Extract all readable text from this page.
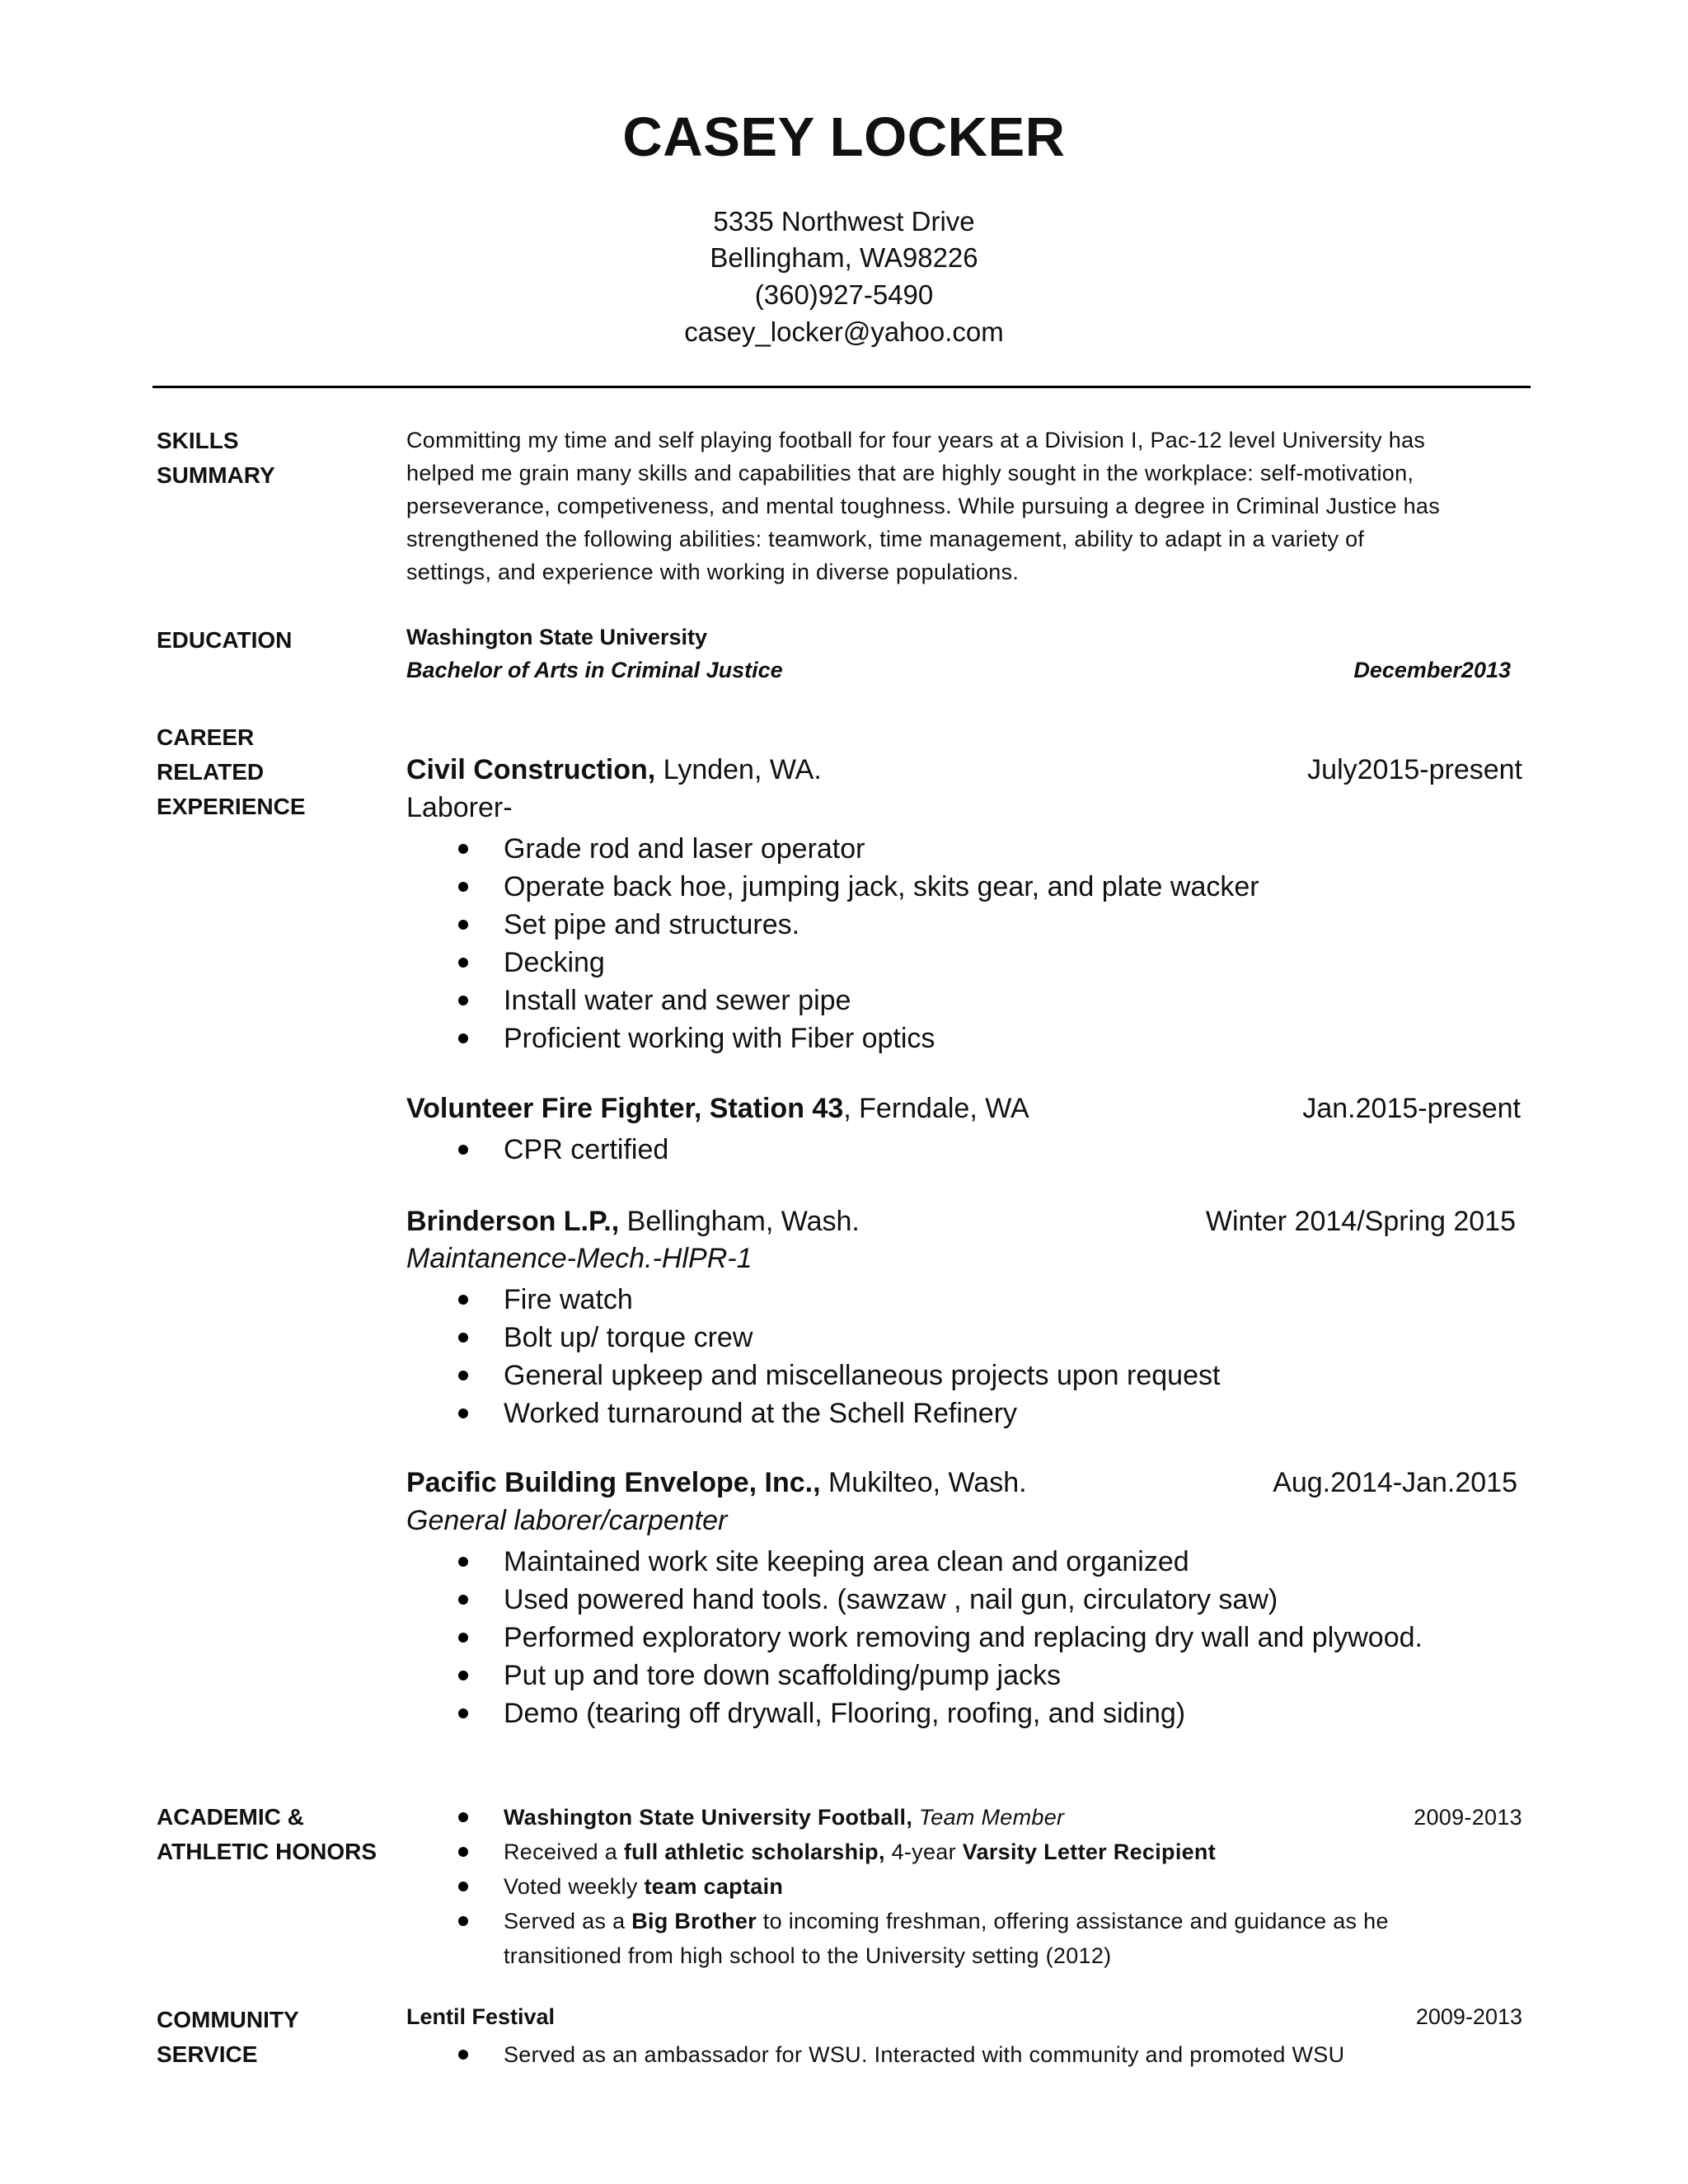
CASEY LOCKER
5335 Northwest Drive
Bellingham, WA98226
(360)927-5490
casey_locker@yahoo.com
SKILLS
SUMMARY
Committing my time and self playing football for four years at a Division I, Pac-12 level University has
helped me grain many skills and capabilities that are highly sought in the workplace: self-motivation,
perseverance, competiveness, and mental toughness. While pursuing a degree in Criminal Justice has
strengthened the following abilities: teamwork, time management, ability to adapt in a variety of
settings, and experience with working in diverse populations.
EDUCATION	Washington State University
Bachelor of Arts in Criminal Justice	December2013
CAREER
RELATED
EXPERIENCE
Civil Construction, Lynden, WA.	July2015-present
Laborer-
Grade rod and laser operator
Operate back hoe, jumping jack, skits gear, and plate wacker
Set pipe and structures.
Decking
Install water and sewer pipe
Proficient working with Fiber optics
Volunteer Fire Fighter, Station 43, Ferndale, WA	Jan.2015-present
CPR certified
Brinderson L.P., Bellingham, Wash.	Winter 2014/Spring 2015
Maintanence-Mech.-HlPR-1
Fire watch
Bolt up/ torque crew
General upkeep and miscellaneous projects upon request
Worked turnaround at the Schell Refinery
Pacific Building Envelope, Inc., Mukilteo, Wash.	Aug.2014-Jan.2015
General laborer/carpenter
Maintained work site keeping area clean and organized
Used powered hand tools. (sawzaw , nail gun, circulatory saw)
Performed exploratory work removing and replacing dry wall and plywood.
Put up and tore down scaffolding/pump jacks
Demo (tearing off drywall, Flooring, roofing, and siding)
ACADEMIC &
ATHLETIC HONORS
Washington State University Football, Team Member	2009-2013
Received a full athletic scholarship, 4-year Varsity Letter Recipient
Voted weekly team captain
Served as a Big Brother to incoming freshman, offering assistance and guidance as he
transitioned from high school to the University setting (2012)
COMMUNITY
SERVICE
Lentil Festival	2009-2013
Served as an ambassador for WSU. Interacted with community and promoted WSU
